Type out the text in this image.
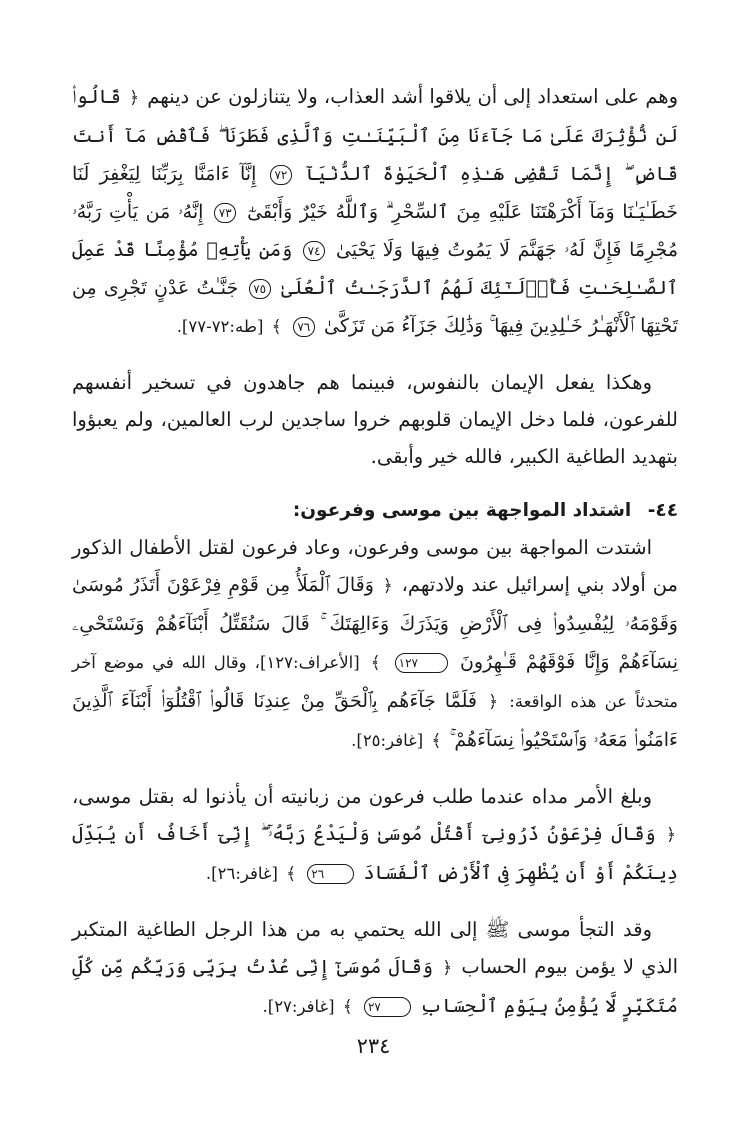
وهم على استعداد إلى أن يلاقوا أشد العذاب، ولا يتنازلون عن دينهم ﴿ قَالُوا۟ لَن نُّؤْثِرَكَ عَلَىٰ مَا جَآءَنَا مِنَ ٱلْبَيِّنَـٰتِ وَٱلَّذِى فَطَرَنَا ۖ فَٱقْضِ مَآ أَنتَ قَاضٍ ۖ إِنَّمَا تَقْضِى هَـٰذِهِ ٱلْحَيَوٰةَ ٱلدُّنْيَآ ٧٢ إِنَّآ ءَامَنَّا بِرَبِّنَا لِيَغْفِرَ لَنَا خَطَـٰيَـٰنَا وَمَآ أَكْرَهْتَنَا عَلَيْهِ مِنَ ٱلسِّحْرِ ۗ وَٱللَّهُ خَيْرٌ وَأَبْقَىٰٓ ٧٣ إِنَّهُۥ مَن يَأْتِ رَبَّهُۥ مُجْرِمًا فَإِنَّ لَهُۥ جَهَنَّمَ لَا يَمُوتُ فِيهَا وَلَا يَحْيَىٰ ٧٤ وَمَن يَأْتِهِۦ مُؤْمِنًا قَدْ عَمِلَ ٱلصَّـٰلِحَـٰتِ فَأُو۟لَـٰٓئِكَ لَهُمُ ٱلدَّرَجَـٰتُ ٱلْعُلَىٰ ٧٥ جَنَّـٰتُ عَدْنٍ تَجْرِى مِن تَحْتِهَا ٱلْأَنْهَـٰرُ خَـٰلِدِينَ فِيهَا ۚ وَذَٰلِكَ جَزَآءُ مَن تَزَكَّىٰ ٧٦ ﴾ [طه:٧٢-٧٧].

وهكذا يفعل الإيمان بالنفوس، فبينما هم جاهدون في تسخير أنفسهم للفرعون، فلما دخل الإيمان قلوبهم خروا ساجدين لرب العالمين، ولم يعبؤوا بتهديد الطاغية الكبير، فالله خير وأبقى.

٤٤- اشتداد المواجهة بين موسى وفرعون:

اشتدت المواجهة بين موسى وفرعون، وعاد فرعون لقتل الأطفال الذكور من أولاد بني إسرائيل عند ولادتهم، ﴿ وَقَالَ ٱلْمَلَأُ مِن قَوْمِ فِرْعَوْنَ أَتَذَرُ مُوسَىٰ وَقَوْمَهُۥ لِيُفْسِدُوا۟ فِى ٱلْأَرْضِ وَيَذَرَكَ وَءَالِهَتَكَ ۚ قَالَ سَنُقَتِّلُ أَبْنَآءَهُمْ وَنَسْتَحْىِۦ نِسَآءَهُمْ وَإِنَّا فَوْقَهُمْ قَـٰهِرُونَ ١٢٧ ﴾ [الأعراف:١٢٧]، وقال الله في موضع آخر متحدثاً عن هذه الواقعة: ﴿ فَلَمَّا جَآءَهُم بِٱلْحَقِّ مِنْ عِندِنَا قَالُوا۟ ٱقْتُلُوٓا۟ أَبْنَآءَ ٱلَّذِينَ ءَامَنُوا۟ مَعَهُۥ وَٱسْتَحْيُوا۟ نِسَآءَهُمْ ۚ ﴾ [غافر:٢٥].

وبلغ الأمر مداه عندما طلب فرعون من زبانيته أن يأذنوا له بقتل موسى، ﴿ وَقَالَ فِرْعَوْنُ ذَرُونِىٓ أَقْتُلْ مُوسَىٰ وَلْيَدْعُ رَبَّهُۥٓ ۖ إِنِّىٓ أَخَافُ أَن يُبَدِّلَ دِينَكُمْ أَوْ أَن يُظْهِرَ فِى ٱلْأَرْضِ ٱلْفَسَادَ ٢٦ ﴾ [غافر:٢٦].

وقد التجأ موسى ﷺ إلى الله يحتمي به من هذا الرجل الطاغية المتكبر الذي لا يؤمن بيوم الحساب ﴿ وَقَالَ مُوسَىٰٓ إِنِّى عُذْتُ بِرَبِّى وَرَبِّكُم مِّن كُلِّ مُتَكَبِّرٍ لَّا يُؤْمِنُ بِيَوْمِ ٱلْحِسَابِ ٢٧ ﴾ [غافر:٢٧].

٢٣٤
